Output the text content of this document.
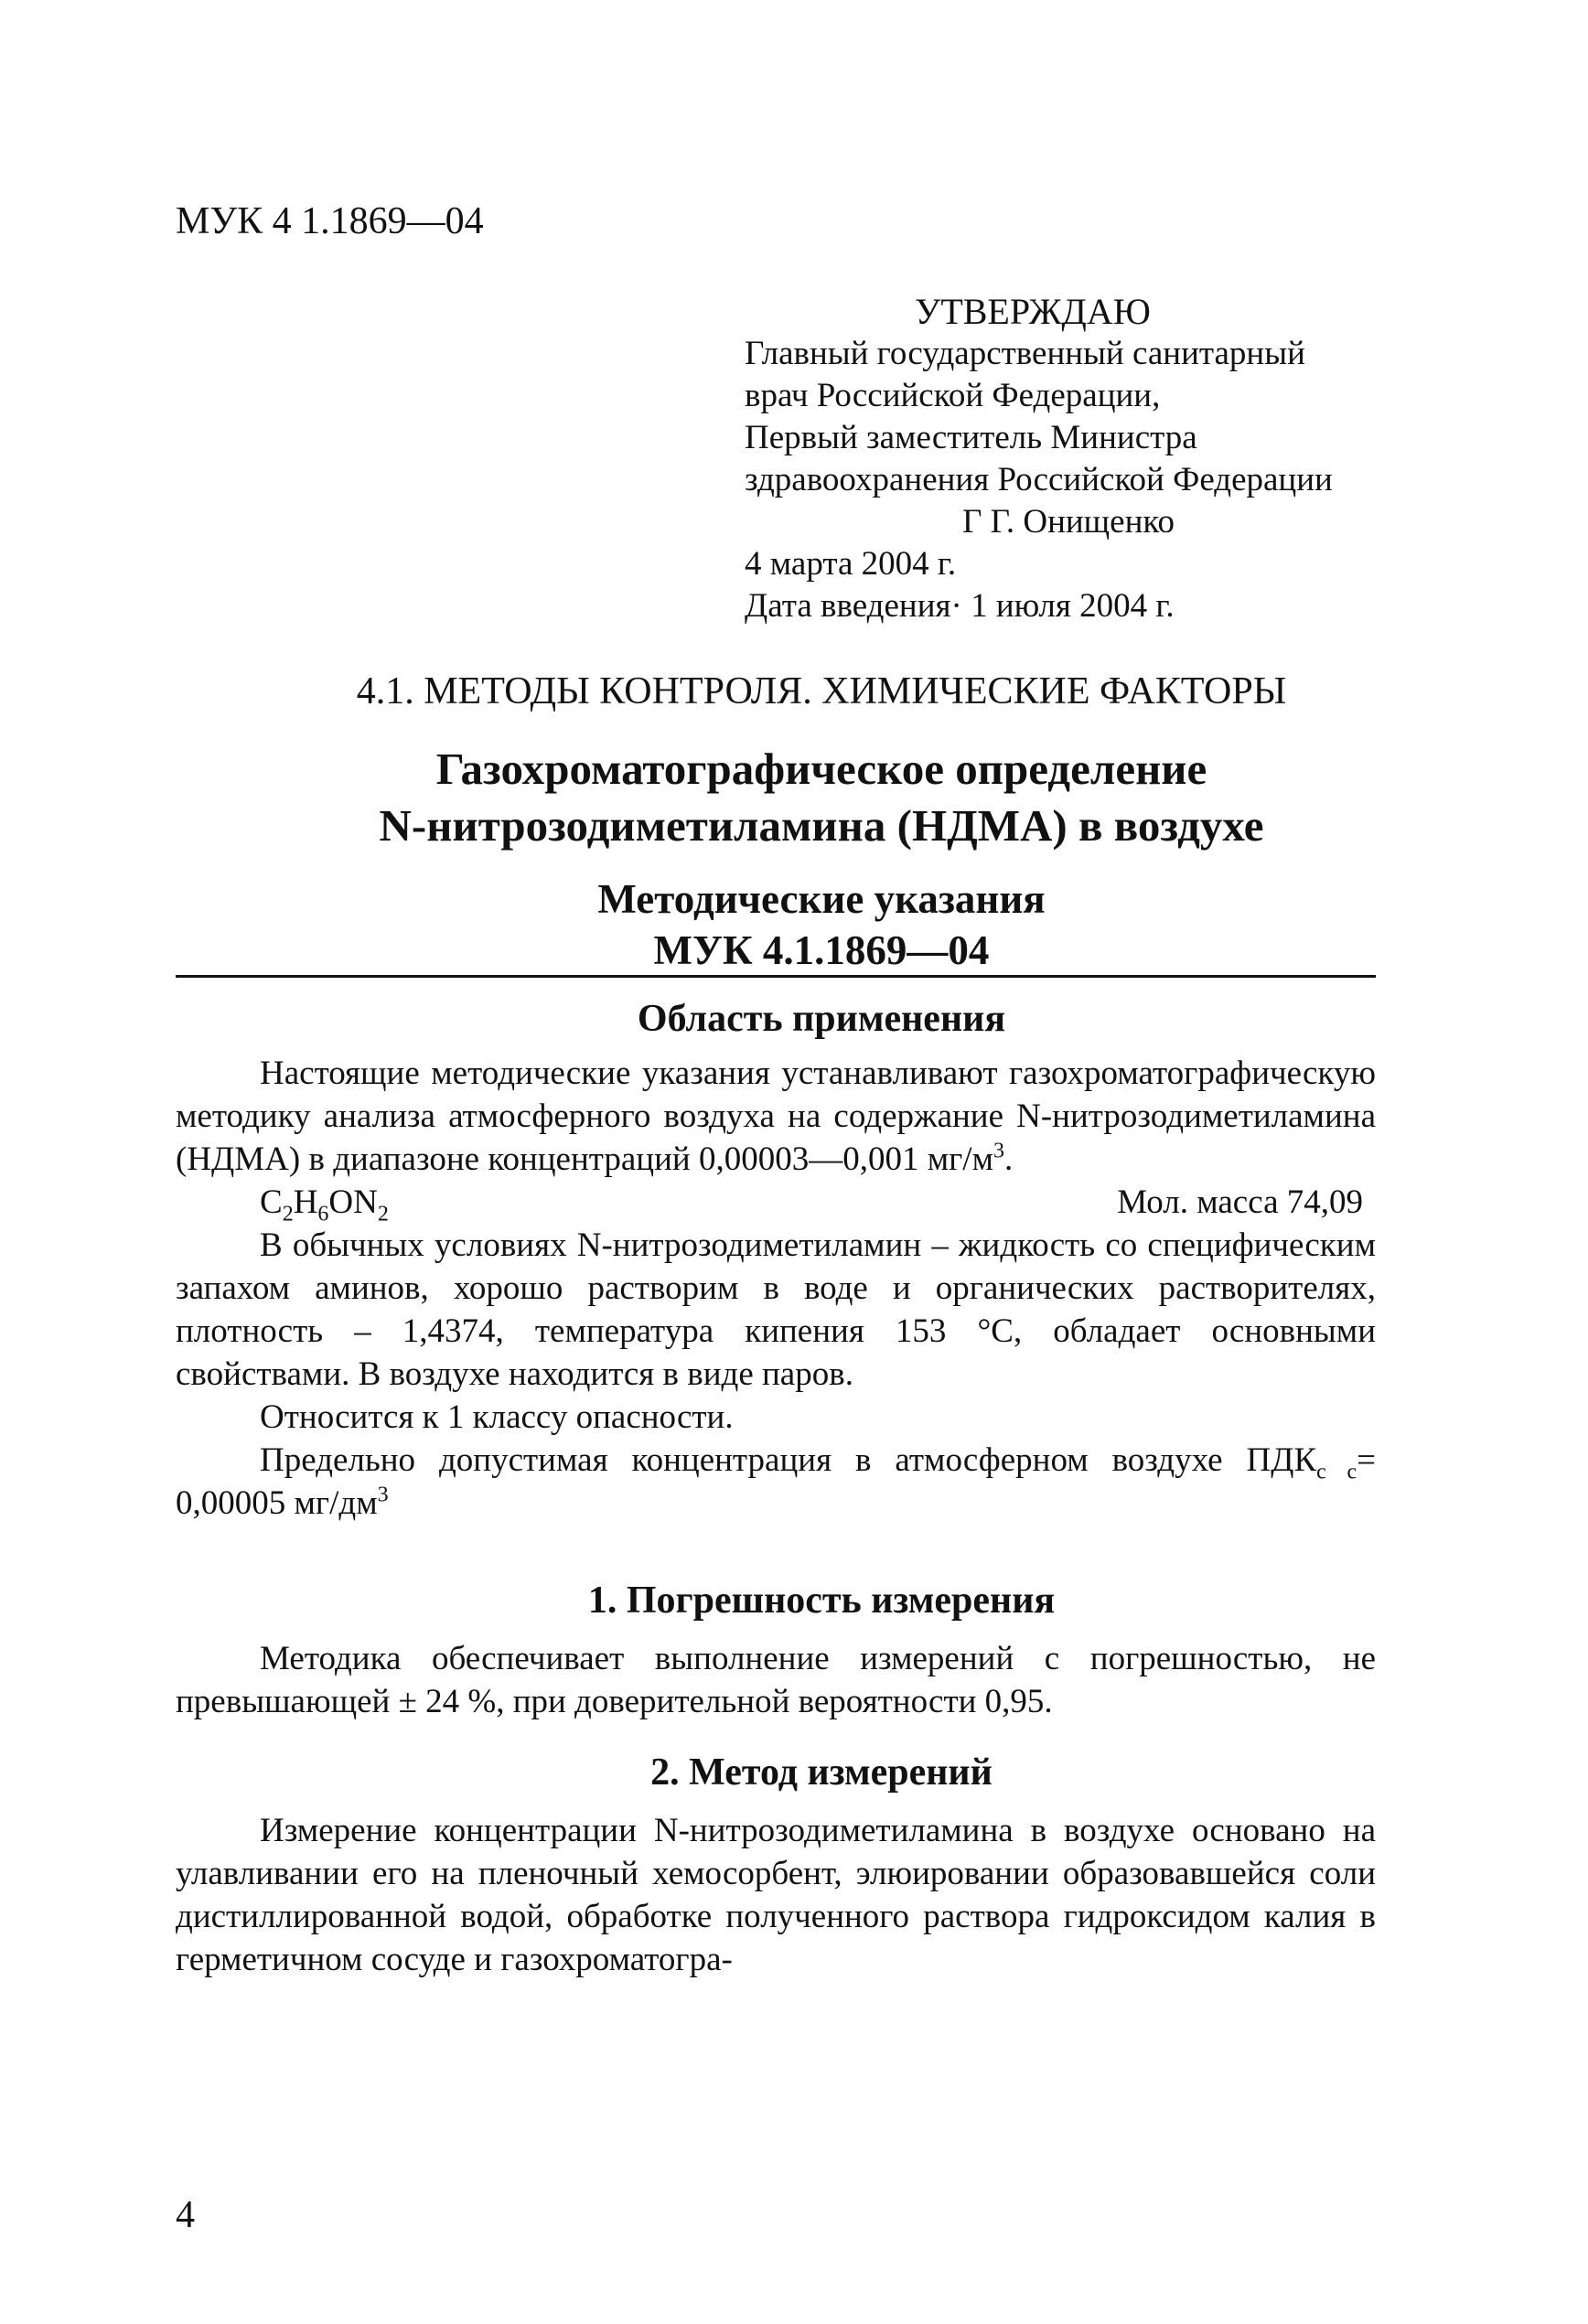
МУК 4 1.1869—04
УТВЕРЖДАЮ
Главный государственный санитарный
врач Российской Федерации,
Первый заместитель Министра
здравоохранения Российской Федерации
Г Г. Онищенко
4 марта 2004 г.
Дата введения· 1 июля 2004 г.
4.1. МЕТОДЫ КОНТРОЛЯ. ХИМИЧЕСКИЕ ФАКТОРЫ
Газохроматографическое определение
N-нитрозодиметиламина (НДМА) в воздухе
Методические указания
МУК 4.1.1869—04
Область применения

Настоящие методические указания устанавливают газохроматографическую методику анализа атмосферного воздуха на содержание N-нитрозодиметиламина (НДМА) в диапазоне концентраций 0,00003—0,001 $мг/м^3$.

$C_2H_6ON_2$	Мол. масса 74,09

В обычных условиях N-нитрозодиметиламин – жидкость со специфическим запахом аминов, хорошо растворим в воде и органических растворителях, плотность – 1,4374, температура кипения 153 °С, обладает основными свойствами. В воздухе находится в виде паров.

Относится к 1 классу опасности.

Предельно допустимая концентрация в атмосферном воздухе $ПДК_{с с}= 0,00005$ $мг/дм^3$

1. Погрешность измерения

Методика обеспечивает выполнение измерений с погрешностью, не превышающей ± 24 %, при доверительной вероятности 0,95.

2. Метод измерений

Измерение концентрации N-нитрозодиметиламина в воздухе основано на улавливании его на пленочный хемосорбент, элюировании образовавшейся соли дистиллированной водой, обработке полученного раствора гидроксидом калия в герметичном сосуде и газохроматогра-

4
